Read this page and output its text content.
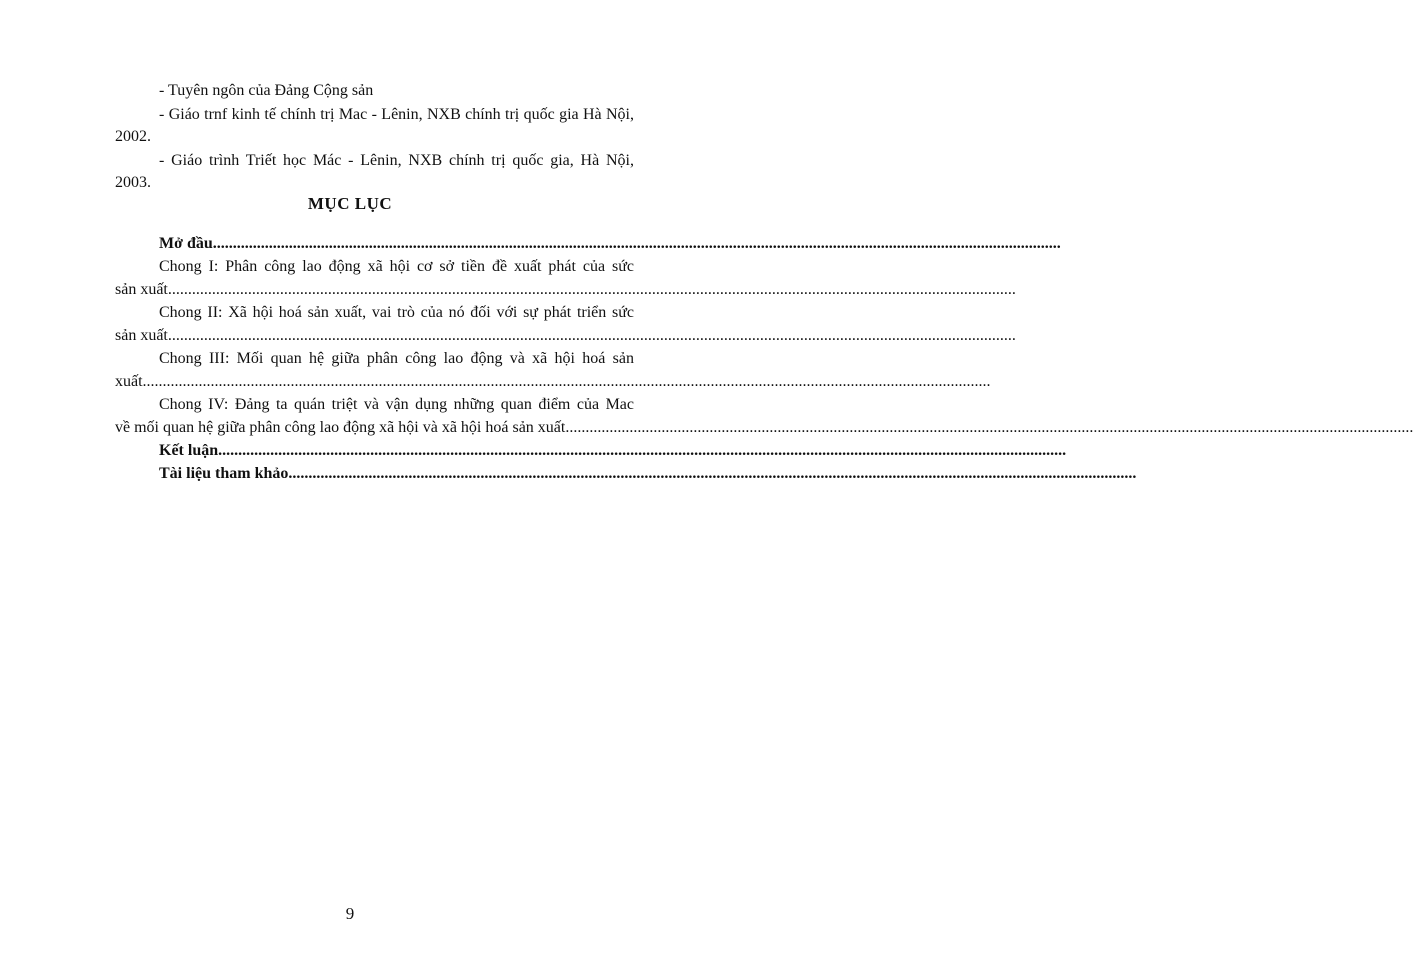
- Tuyên ngôn của Đảng Cộng sản

- Giáo trnf kinh tế chính trị Mac - Lênin, NXB chính trị quốc gia Hà Nội, 2002.

- Giáo trình Triết học Mác - Lênin, NXB chính trị quốc gia, Hà Nội, 2003.

MỤC LỤC
Mở đầu ....................................................................................................................................................................................................................
Chong I: Phân công lao động xã hội cơ sở tiền đề xuất phát của sức
sản xuất ....................................................................................................................................................................................................................
Chong II: Xã hội hoá sản xuất, vai trò của nó đối với sự phát triển sức
sản xuất ....................................................................................................................................................................................................................
Chong III: Mối quan hệ giữa phân công lao động và xã hội hoá sản
xuất ....................................................................................................................................................................................................................
Chong IV: Đảng ta quán triệt và vận dụng những quan điểm của Mac
về mối quan hệ giữa phân công lao động xã hội và xã hội hoá sản xuất ....................................................................................................................................................................................................................
Kết luận ....................................................................................................................................................................................................................
Tài liệu tham khảo ....................................................................................................................................................................................................................
9
